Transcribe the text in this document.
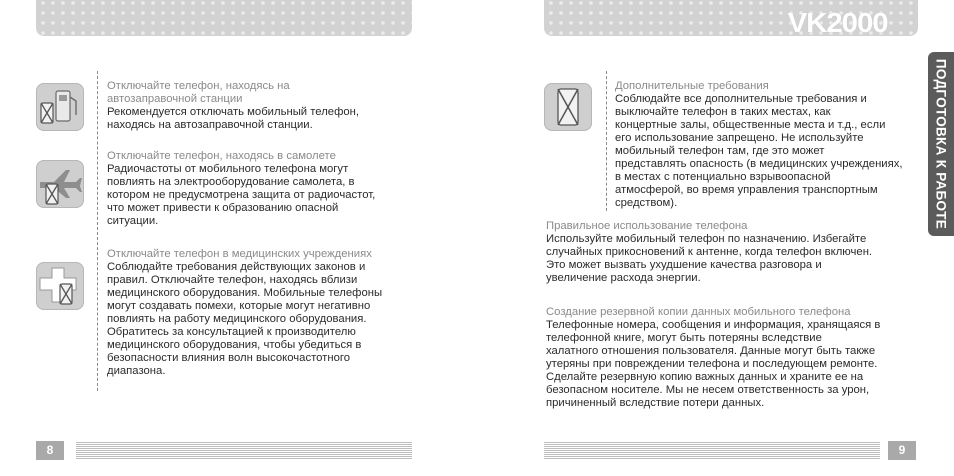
VK2000
ПОДГОТОВКА К РАБОТЕ

Отключайте телефон, находясь на
автозаправочной станции

Рекомендуется отключать мобильный телефон,
находясь на автозаправочной станции.

Отключайте телефон, находясь в самолете

Радиочастоты от мобильного телефона могут
повлиять на электрооборудование самолета, в
котором не предусмотрена защита от радиочастот,
что может привести к образованию опасной
ситуации.

Отключайте телефон в медицинских учреждениях

Соблюдайте требования действующих законов и
правил. Отключайте телефон, находясь вблизи
медицинского оборудования. Мобильные телефоны
могут создавать помехи, которые могут негативно
повлиять на работу медицинского оборудования.
Обратитесь за консультацией к производителю
медицинского оборудования, чтобы убедиться в
безопасности влияния волн высокочастотного
диапазона.

Дополнительные требования

Соблюдайте все дополнительные требования и
выключайте телефон в таких местах, как
концертные залы, общественные места и т.д., если
его использование запрещено. Не используйте
мобильный телефон там, где это может
представлять опасность (в медицинских учреждениях,
в местах с потенциально взрывоопасной
атмосферой, во время управления транспортным
средством).

Правильное использование телефона

Используйте мобильный телефон по назначению. Избегайте
случайных прикосновений к антенне, когда телефон включен.
Это может вызвать ухудшение качества разговора и
увеличение расхода энергии.

Создание резервной копии данных мобильного телефона

Телефонные номера, сообщения и информация, хранящаяся в
телефонной книге, могут быть потеряны вследствие
халатного отношения пользователя. Данные могут быть также
утеряны при повреждении телефона и последующем ремонте.
Сделайте резервную копию важных данных и храните ее на
безопасном носителе. Мы не несем ответственность за урон,
причиненный вследствие потери данных.

8	9
